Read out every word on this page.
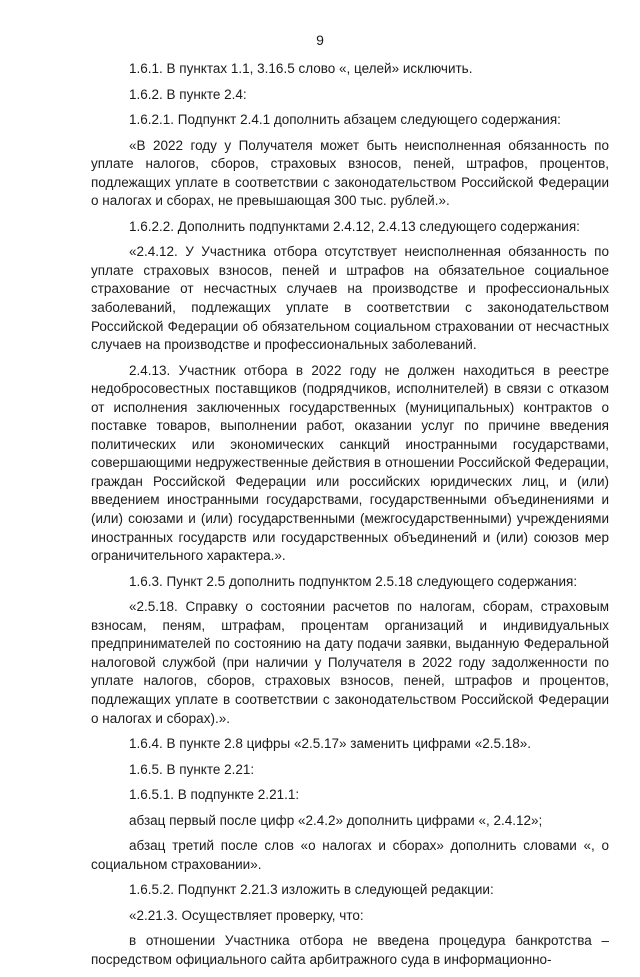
9

1.6.1. В пунктах 1.1, 3.16.5 слово «, целей» исключить.

1.6.2. В пункте 2.4:

1.6.2.1. Подпункт 2.4.1 дополнить абзацем следующего содержания:

«В 2022 году у Получателя может быть неисполненная обязанность по уплате налогов, сборов, страховых взносов, пеней, штрафов, процентов, подлежащих уплате в соответствии с законодательством Российской Федерации о налогах и сборах, не превышающая 300 тыс. рублей.».

1.6.2.2. Дополнить подпунктами 2.4.12, 2.4.13 следующего содержания:

«2.4.12. У Участника отбора отсутствует неисполненная обязанность по уплате страховых взносов, пеней и штрафов на обязательное социальное страхование от несчастных случаев на производстве и профессиональных заболеваний, подлежащих уплате в соответствии с законодательством Российской Федерации об обязательном социальном страховании от несчастных случаев на производстве и профессиональных заболеваний.

2.4.13. Участник отбора в 2022 году не должен находиться в реестре недобросовестных поставщиков (подрядчиков, исполнителей) в связи с отказом от исполнения заключенных государственных (муниципальных) контрактов о поставке товаров, выполнении работ, оказании услуг по причине введения политических или экономических санкций иностранными государствами, совершающими недружественные действия в отношении Российской Федерации, граждан Российской Федерации или российских юридических лиц, и (или) введением иностранными государствами, государственными объединениями и (или) союзами и (или) государственными (межгосударственными) учреждениями иностранных государств или государственных объединений и (или) союзов мер ограничительного характера.».

1.6.3. Пункт 2.5 дополнить подпунктом 2.5.18 следующего содержания:

«2.5.18. Справку о состоянии расчетов по налогам, сборам, страховым взносам, пеням, штрафам, процентам организаций и индивидуальных предпринимателей по состоянию на дату подачи заявки, выданную Федеральной налоговой службой (при наличии у Получателя в 2022 году задолженности по уплате налогов, сборов, страховых взносов, пеней, штрафов и процентов, подлежащих уплате в соответствии с законодательством Российской Федерации о налогах и сборах).».

1.6.4. В пункте 2.8 цифры «2.5.17» заменить цифрами «2.5.18».

1.6.5. В пункте 2.21:

1.6.5.1. В подпункте 2.21.1:

абзац первый после цифр «2.4.2» дополнить цифрами «, 2.4.12»;

абзац третий после слов «о налогах и сборах» дополнить словами «, о социальном страховании».

1.6.5.2. Подпункт 2.21.3 изложить в следующей редакции:

«2.21.3. Осуществляет проверку, что:

в отношении Участника отбора не введена процедура банкротства – посредством официального сайта арбитражного суда в информационно-
